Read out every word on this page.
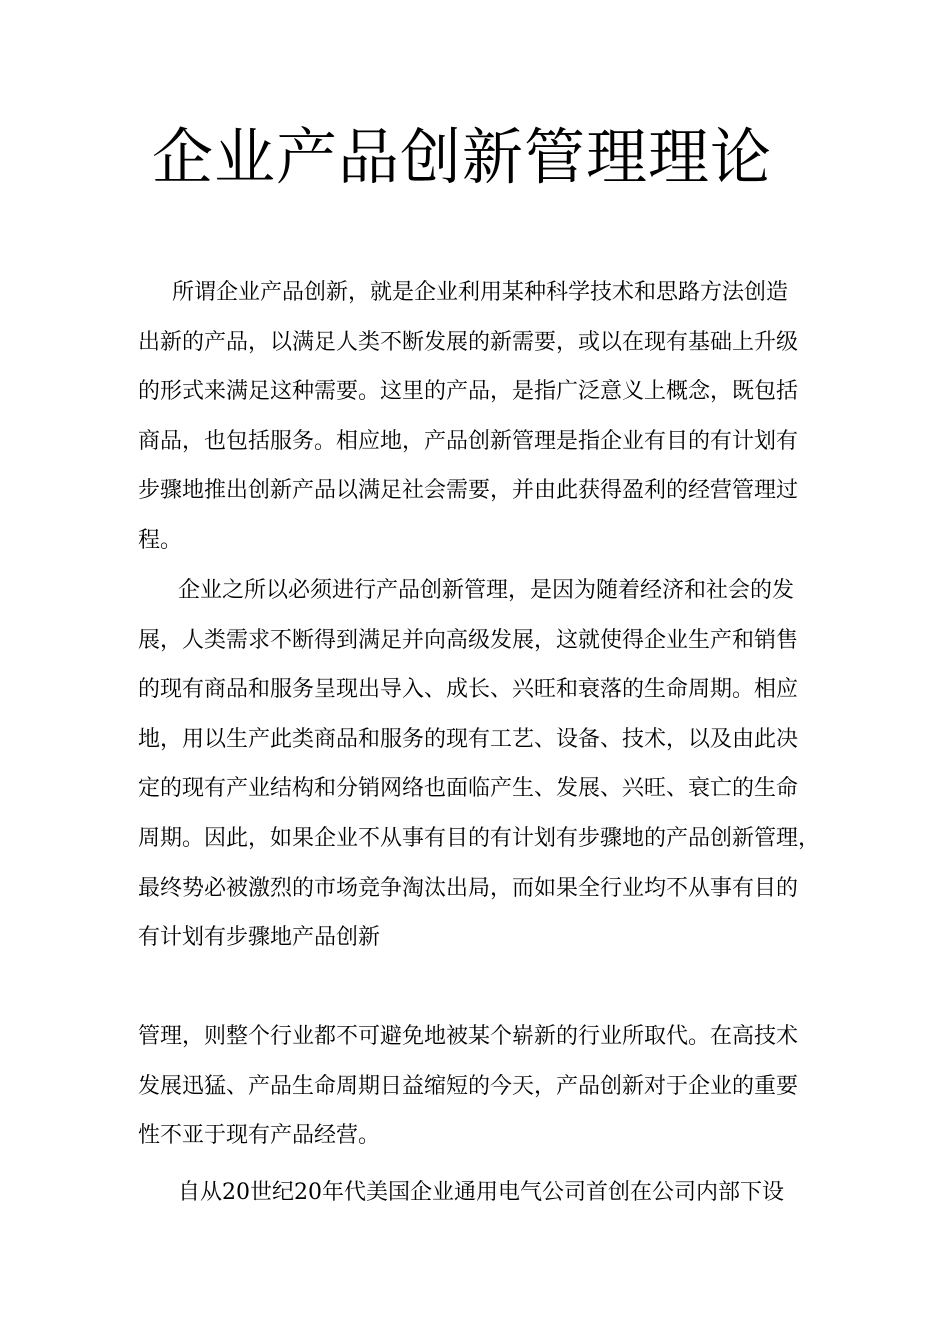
企业产品创新管理理论
所谓企业产品创新，就是企业利用某种科学技术和思路方法创造
出新的产品，以满足人类不断发展的新需要，或以在现有基础上升级
的形式来满足这种需要。这里的产品，是指广泛意义上概念，既包括
商品，也包括服务。相应地，产品创新管理是指企业有目的有计划有
步骤地推出创新产品以满足社会需要，并由此获得盈利的经营管理过
程。
企业之所以必须进行产品创新管理，是因为随着经济和社会的发
展，人类需求不断得到满足并向高级发展，这就使得企业生产和销售
的现有商品和服务呈现出导入、成长、兴旺和衰落的生命周期。相应
地，用以生产此类商品和服务的现有工艺、设备、技术，以及由此决
定的现有产业结构和分销网络也面临产生、发展、兴旺、衰亡的生命
周期。因此，如果企业不从事有目的有计划有步骤地的产品创新管理，
最终势必被激烈的市场竞争淘汰出局，而如果全行业均不从事有目的
有计划有步骤地产品创新
管理，则整个行业都不可避免地被某个崭新的行业所取代。在高技术
发展迅猛、产品生命周期日益缩短的今天，产品创新对于企业的重要
性不亚于现有产品经营。
自从20世纪20年代美国企业通用电气公司首创在公司内部下设
